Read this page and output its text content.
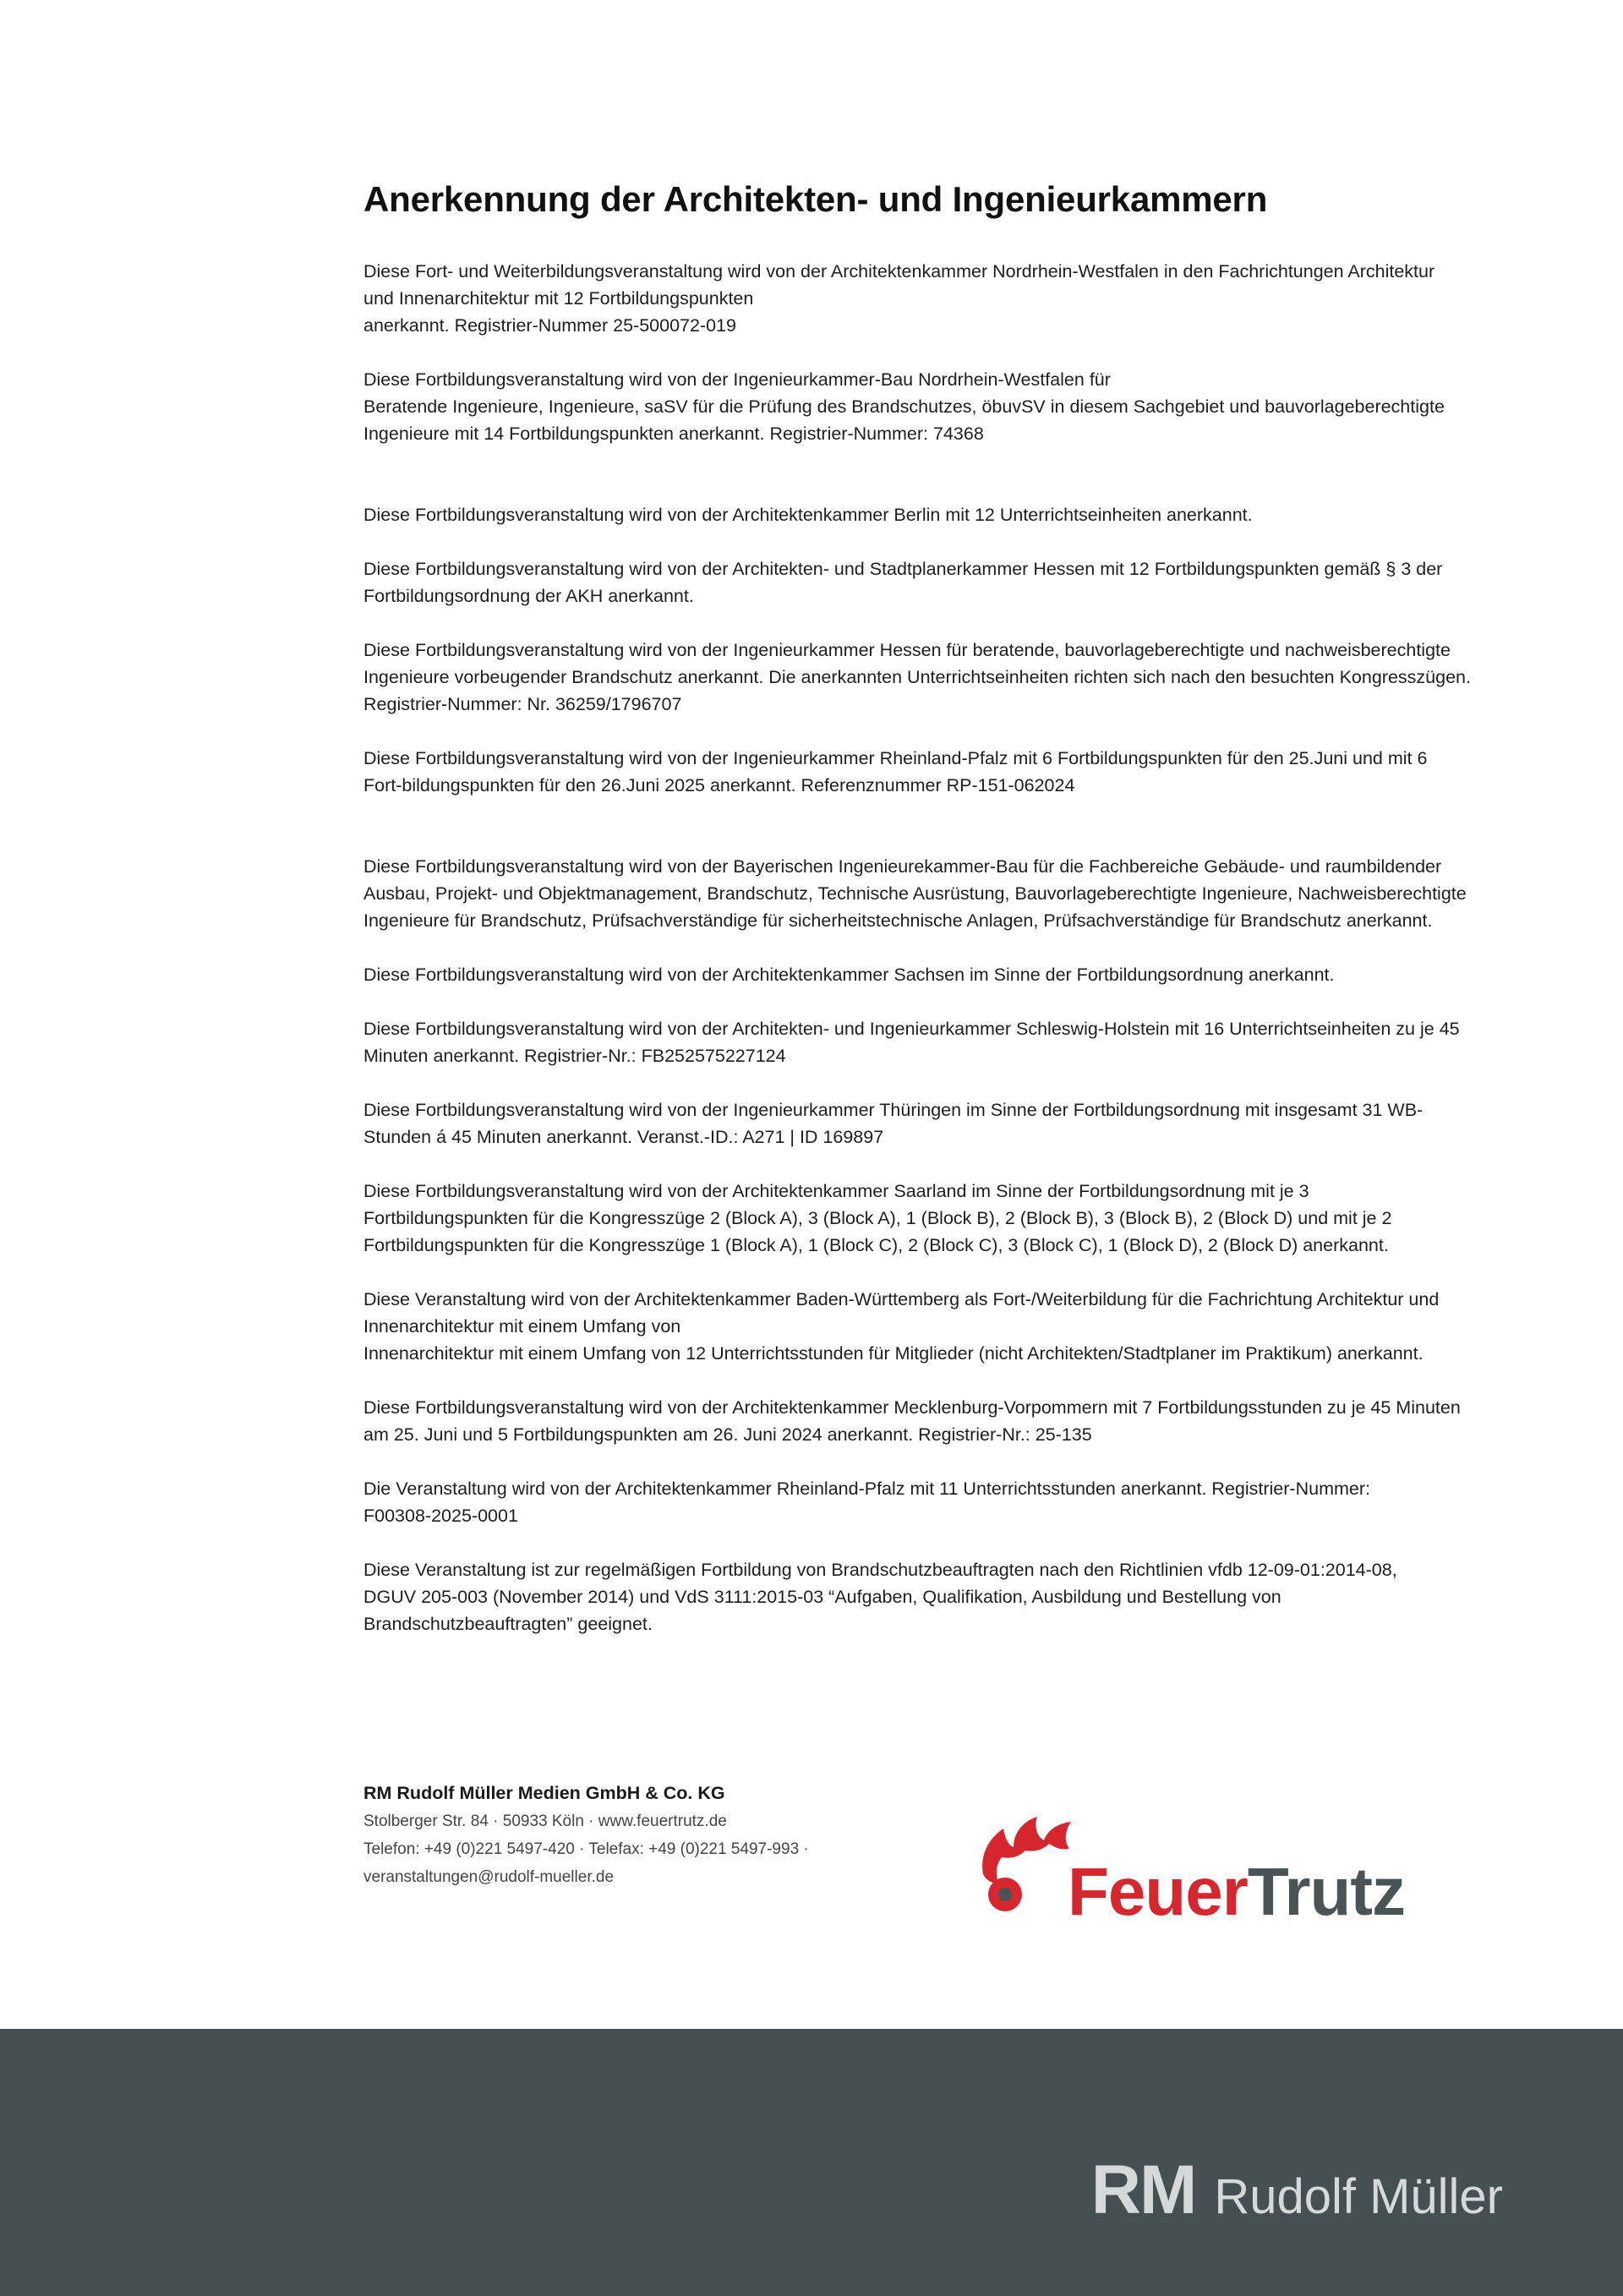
Anerkennung der Architekten- und Ingenieurkammern

Diese Fort- und Weiterbildungsveranstaltung wird von der Architektenkammer Nordrhein-Westfalen in den Fachrichtungen Architektur
und Innenarchitektur mit 12 Fortbildungspunkten
anerkannt. Registrier-Nummer 25-500072-019

Diese Fortbildungsveranstaltung wird von der Ingenieurkammer-Bau Nordrhein-Westfalen für
Beratende Ingenieure, Ingenieure, saSV für die Prüfung des Brandschutzes, öbuvSV in diesem Sachgebiet und bauvorlageberechtigte
Ingenieure mit 14 Fortbildungspunkten anerkannt. Registrier-Nummer: 74368

Diese Fortbildungsveranstaltung wird von der Architektenkammer Berlin mit 12 Unterrichtseinheiten anerkannt.

Diese Fortbildungsveranstaltung wird von der Architekten- und Stadtplanerkammer Hessen mit 12 Fortbildungspunkten gemäß § 3 der
Fortbildungsordnung der AKH anerkannt.

Diese Fortbildungsveranstaltung wird von der Ingenieurkammer Hessen für beratende, bauvorlageberechtigte und nachweisberechtigte
Ingenieure vorbeugender Brandschutz anerkannt. Die anerkannten Unterrichtseinheiten richten sich nach den besuchten Kongresszügen.
Registrier-Nummer: Nr. 36259/1796707

Diese Fortbildungsveranstaltung wird von der Ingenieurkammer Rheinland-Pfalz mit 6 Fortbildungspunkten für den 25.Juni und mit 6
Fort-bildungspunkten für den 26.Juni 2025 anerkannt. Referenznummer RP-151-062024

Diese Fortbildungsveranstaltung wird von der Bayerischen Ingenieurekammer-Bau für die Fachbereiche Gebäude- und raumbildender
Ausbau, Projekt- und Objektmanagement, Brandschutz, Technische Ausrüstung, Bauvorlageberechtigte Ingenieure, Nachweisberechtigte
Ingenieure für Brandschutz, Prüfsachverständige für sicherheitstechnische Anlagen, Prüfsachverständige für Brandschutz anerkannt.

Diese Fortbildungsveranstaltung wird von der Architektenkammer Sachsen im Sinne der Fortbildungsordnung anerkannt.

Diese Fortbildungsveranstaltung wird von der Architekten- und Ingenieurkammer Schleswig-Holstein mit 16 Unterrichtseinheiten zu je 45
Minuten anerkannt. Registrier-Nr.: FB252575227124

Diese Fortbildungsveranstaltung wird von der Ingenieurkammer Thüringen im Sinne der Fortbildungsordnung mit insgesamt 31 WB-
Stunden á 45 Minuten anerkannt. Veranst.-ID.: A271 | ID 169897

Diese Fortbildungsveranstaltung wird von der Architektenkammer Saarland im Sinne der Fortbildungsordnung mit je 3
Fortbildungspunkten für die Kongresszüge 2 (Block A), 3 (Block A), 1 (Block B), 2 (Block B), 3 (Block B), 2 (Block D) und mit je 2
Fortbildungspunkten für die Kongresszüge 1 (Block A), 1 (Block C), 2 (Block C), 3 (Block C), 1 (Block D), 2 (Block D) anerkannt.

Diese Veranstaltung wird von der Architektenkammer Baden-Württemberg als Fort-/Weiterbildung für die Fachrichtung Architektur und
Innenarchitektur mit einem Umfang von
Innenarchitektur mit einem Umfang von 12 Unterrichtsstunden für Mitglieder (nicht Architekten/Stadtplaner im Praktikum) anerkannt.

Diese Fortbildungsveranstaltung wird von der Architektenkammer Mecklenburg-Vorpommern mit 7 Fortbildungsstunden zu je 45 Minuten
am 25. Juni und 5 Fortbildungspunkten am 26. Juni 2024 anerkannt. Registrier-Nr.: 25-135

Die Veranstaltung wird von der Architektenkammer Rheinland-Pfalz mit 11 Unterrichtsstunden anerkannt. Registrier-Nummer:
F00308-2025-0001

Diese Veranstaltung ist zur regelmäßigen Fortbildung von Brandschutzbeauftragten nach den Richtlinien vfdb 12-09-01:2014-08,
DGUV 205-003 (November 2014) und VdS 3111:2015-03 “Aufgaben, Qualifikation, Ausbildung und Bestellung von
Brandschutzbeauftragten” geeignet.

RM Rudolf Müller Medien GmbH & Co. KG
Stolberger Str. 84 · 50933 Köln · www.feuertrutz.de
Telefon: +49 (0)221 5497-420 · Telefax: +49 (0)221 5497-993 ·
veranstaltungen@rudolf-mueller.de	FeuerTrutz
RM Rudolf Müller
